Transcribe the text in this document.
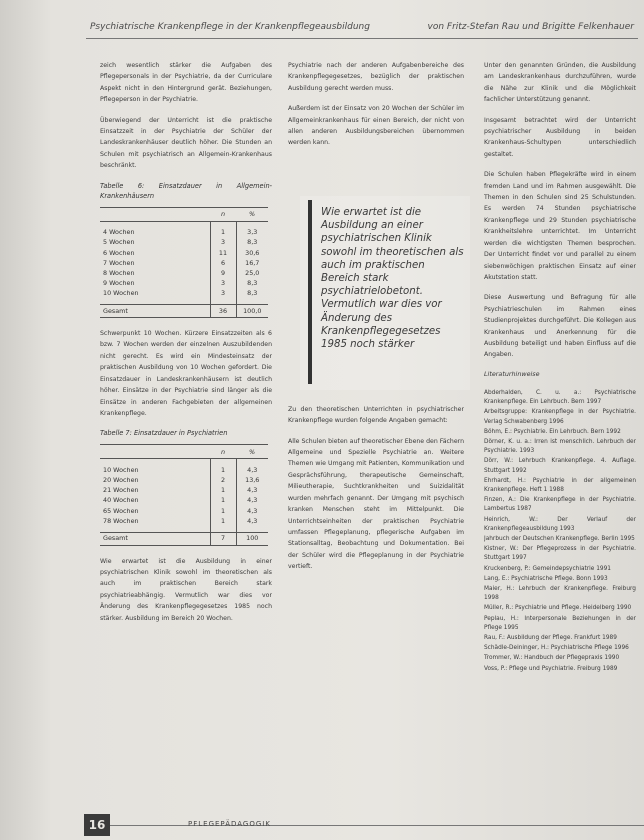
Psychiatrische Krankenpflege in der Krankenpflegeausbildung	von Fritz-Stefan Rau und Brigitte Felkenhauer

zeich wesentlich stärker die Aufgaben des Pflegepersonals in der Psychiatrie, da der Curriculare Aspekt nicht in den Hintergrund gerät. Beziehungen, Pflegeperson in der Psychiatrie.

Überwiegend der Unterricht ist die praktische Einsatzzeit in der Psychiatrie der Schüler der Landeskrankenhäuser deutlich höher. Die Stunden an Schulen mit psychiatrisch an Allgemein-Krankenhaus beschränkt.

Tabelle 6: Einsatzdauer in Allgemein-Krankenhäusern
	n	%

4 Wochen	1	3,3
5 Wochen	3	8,3
6 Wochen	11	30,6
7 Wochen	6	16,7
8 Wochen	9	25,0
9 Wochen	3	8,3
10 Wochen	3	8,3

Gesamt	36	100,0

Schwerpunkt 10 Wochen. Kürzere Einsatzzeiten als 6 bzw. 7 Wochen werden der einzelnen Auszubildenden nicht gerecht. Es wird ein Mindesteinsatz der praktischen Ausbildung von 10 Wochen gefordert. Die Einsatzdauer in Landeskrankenhäusern ist deutlich höher. Einsätze in der Psychiatrie sind länger als die Einsätze in anderen Fachgebieten der allgemeinen Krankenpflege.

Tabelle 7: Einsatzdauer in Psychiatrien
	n	%

10 Wochen	1	4,3
20 Wochen	2	13,6
21 Wochen	1	4,3
40 Wochen	1	4,3
65 Wochen	1	4,3
78 Wochen	1	4,3

Gesamt	7	100

Wie erwartet ist die Ausbildung in einer psychiatrischen Klinik sowohl im theoretischen als auch im praktischen Bereich stark psychiatrieabhängig. Vermutlich war dies vor Änderung des Krankenpflegegesetzes 1985 noch stärker. Ausbildung im Bereich 20 Wochen.

Psychiatrie nach der anderen Aufgabenbereiche des Krankenpflegegesetzes, bezüglich der praktischen Ausbildung gerecht werden muss.

Außerdem ist der Einsatz von 20 Wochen der Schüler im Allgemeinkrankenhaus für einen Bereich, der nicht von allen anderen Ausbildungsbereichen übernommen werden kann.

Zu den theoretischen Unterrichten in psychiatrischer Krankenpflege wurden folgende Angaben gemacht:

Alle Schulen bieten auf theoretischer Ebene den Fächern Allgemeine und Spezielle Psychiatrie an. Weitere Themen wie Umgang mit Patienten, Kommunikation und Gesprächsführung, therapeutische Gemeinschaft, Milieutherapie, Suchtkrankheiten und Suizidalität wurden mehrfach genannt. Der Umgang mit psychisch kranken Menschen steht im Mittelpunkt. Die Unterrichtseinheiten der praktischen Psychiatrie umfassen Pflegeplanung, pflegerische Aufgaben im Stationsalltag, Beobachtung und Dokumentation. Bei der Schüler wird die Pflegeplanung in der Psychiatrie vertieft.

Wie erwartet ist die Ausbildung an einer psychiatrischen Klinik sowohl im theoretischen als auch im praktischen Bereich stark psychiatrielobetont. Vermutlich war dies vor Änderung des Krankenpflegegesetzes 1985 noch stärker

Unter den genannten Gründen, die Ausbildung am Landeskrankenhaus durchzuführen, wurde die Nähe zur Klinik und die Möglichkeit fachlicher Unterstützung genannt.

Insgesamt betrachtet wird der Unterricht psychiatrischer Ausbildung in beiden Krankenhaus-Schultypen unterschiedlich gestaltet.

Die Schulen haben Pflegekräfte wird in einem fremden Land und im Rahmen ausgewählt. Die Themen in den Schulen sind 25 Schulstunden. Es werden 74 Stunden psychiatrische Krankenpflege und 29 Stunden psychiatrische Krankheitslehre unterrichtet. Im Unterricht werden die wichtigsten Themen besprochen. Der Unterricht findet vor und parallel zu einem siebenwöchigen praktischen Einsatz auf einer Akutstation statt.

Diese Auswertung und Befragung für alle Psychiatrieschulen im Rahmen eines Studienprojektes durchgeführt. Die Kollegen aus Krankenhaus und Anerkennung für die Ausbildung beteiligt und haben Einfluss auf die Angaben.

Literaturhinweise
Abderhalden, C. u. a.: Psychiatrische Krankenpflege. Ein Lehrbuch. Bern 1997
Arbeitsgruppe: Krankenpflege in der Psychiatrie. Verlag Schwabenberg 1996
Böhm, E.: Psychiatrie. Ein Lehrbuch. Bern 1992
Dörner, K. u. a.: Irren ist menschlich. Lehrbuch der Psychiatrie. 1993
Dörr, W.: Lehrbuch Krankenpflege. 4. Auflage. Stuttgart 1992
Ehrhardt, H.: Psychiatrie in der allgemeinen Krankenpflege. Heft 1 1988
Finzen, A.: Die Krankenpflege in der Psychiatrie. Lambertus 1987
Heinrich, W.: Der Verlauf der Krankenpflegeausbildung 1993
Jahrbuch der Deutschen Krankenpflege. Berlin 1995
Kistner, W.: Der Pflegeprozess in der Psychiatrie. Stuttgart 1997
Kruckenberg, P.: Gemeindepsychiatrie 1991
Lang, E.: Psychiatrische Pflege. Bonn 1993
Maier, H.: Lehrbuch der Krankenpflege. Freiburg 1998
Müller, R.: Psychiatrie und Pflege. Heidelberg 1990
Peplau, H.: Interpersonale Beziehungen in der Pflege 1995
Rau, F.: Ausbildung der Pflege. Frankfurt 1989
Schädle-Deininger, H.: Psychiatrische Pflege 1996
Trommer, W.: Handbuch der Pflegepraxis 1990
Voss, P.: Pflege und Psychiatrie. Freiburg 1989
16	PFLEGEPÄDAGOGIK
